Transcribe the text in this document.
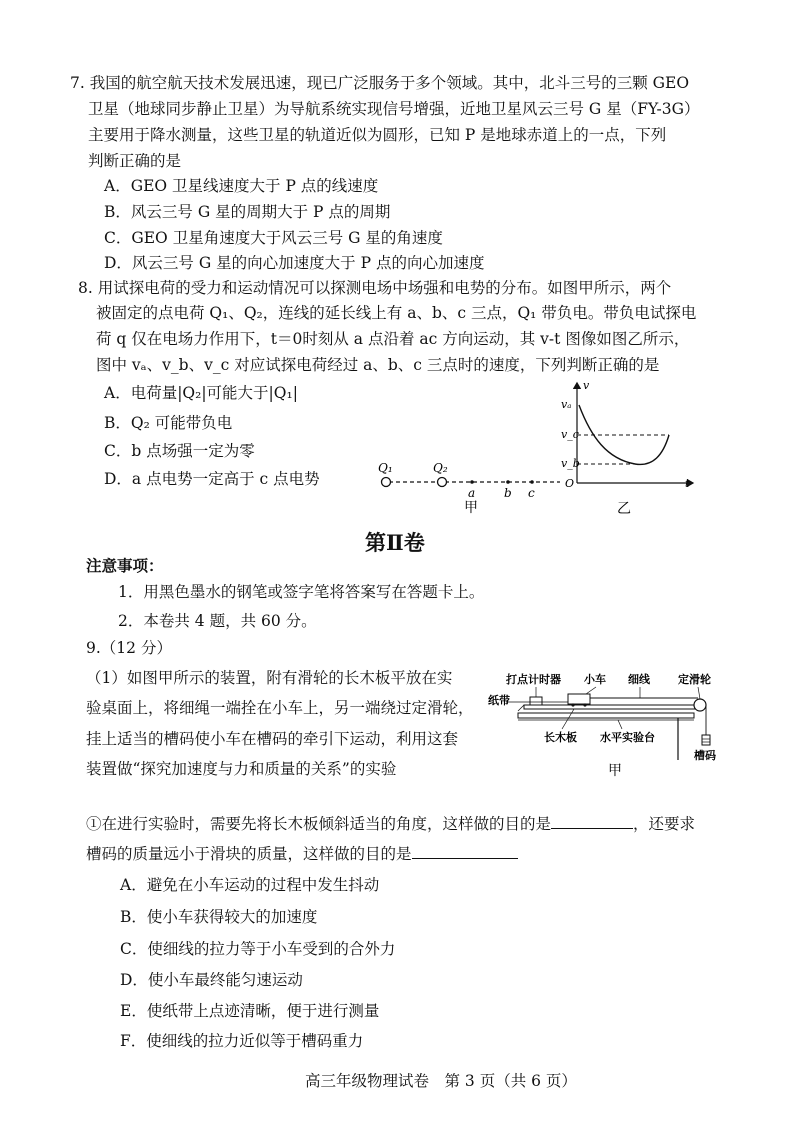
7. 我国的航空航天技术发展迅速，现已广泛服务于多个领域。其中，北斗三号的三颗 GEO
卫星（地球同步静止卫星）为导航系统实现信号增强，近地卫星风云三号 G 星（FY-3G）
主要用于降水测量，这些卫星的轨道近似为圆形，已知 P 是地球赤道上的一点，下列
判断正确的是
A．GEO 卫星线速度大于 P 点的线速度
B．风云三号 G 星的周期大于 P 点的周期
C．GEO 卫星角速度大于风云三号 G 星的角速度
D．风云三号 G 星的向心加速度大于 P 点的向心加速度
8. 用试探电荷的受力和运动情况可以探测电场中场强和电势的分布。如图甲所示，两个
被固定的点电荷 Q₁、Q₂，连线的延长线上有 a、b、c 三点，Q₁ 带负电。带负电试探电
荷 q 仅在电场力作用下，t＝0时刻从 a 点沿着 ac 方向运动，其 v-t 图像如图乙所示，
图中 vₐ、v_b、v_c 对应试探电荷经过 a、b、c 三点时的速度，下列判断正确的是
A．电荷量|Q₂|可能大于|Q₁|
B．Q₂ 可能带负电
C．b 点场强一定为零
D．a 点电势一定高于 c 点电势
Q₁	Q₂
a b c
甲
v
vₐ
v_c
v_b
O	t
乙
第Ⅱ卷
注意事项：
1．用黑色墨水的钢笔或签字笔将答案写在答题卡上。
2．本卷共 4 题，共 60 分。
9.（12 分）
（1）如图甲所示的装置，附有滑轮的长木板平放在实
验桌面上，将细绳一端拴在小车上，另一端绕过定滑轮，
挂上适当的槽码使小车在槽码的牵引下运动，利用这套
装置做“探究加速度与力和质量的关系”的实验
打点计时器 小车 细线	定滑轮
纸带
长木板 水平实验台
槽码
甲
①在进行实验时，需要先将长木板倾斜适当的角度，这样做的目的是	，还要求
槽码的质量远小于滑块的质量，这样做的目的是
A．避免在小车运动的过程中发生抖动
B．使小车获得较大的加速度
C．使细线的拉力等于小车受到的合外力
D．使小车最终能匀速运动
E．使纸带上点迹清晰，便于进行测量
F．使细线的拉力近似等于槽码重力
高三年级物理试卷　第 3 页（共 6 页）
